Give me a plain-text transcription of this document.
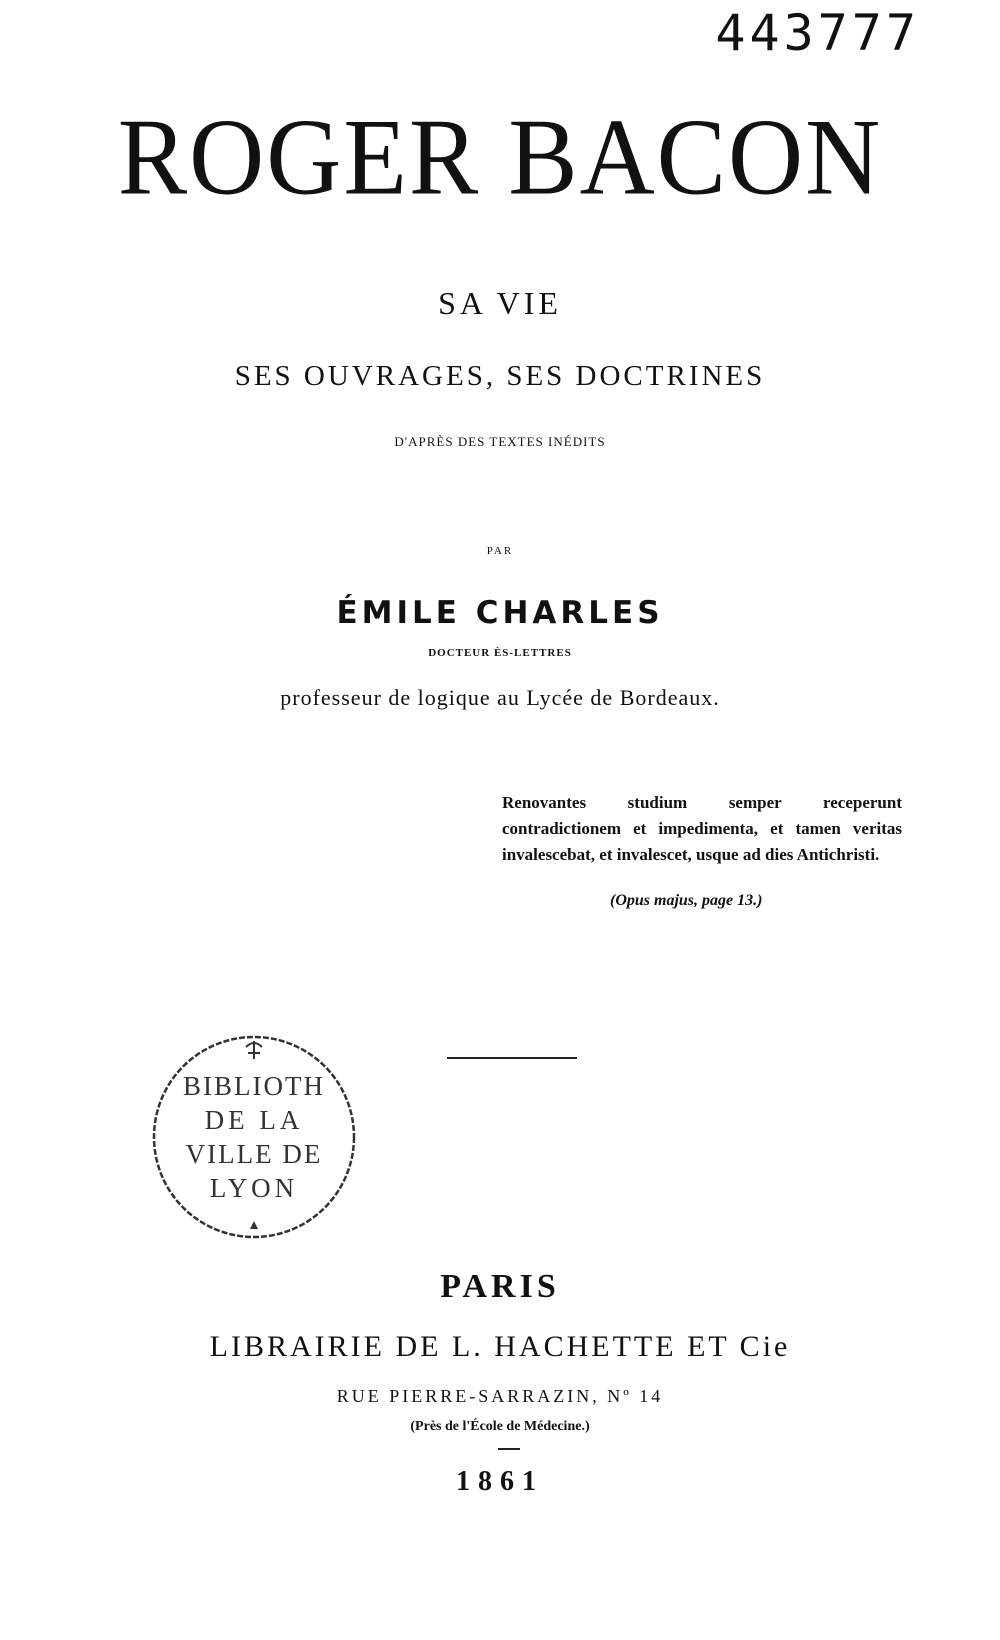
443777
ROGER BACON
SA VIE
SES OUVRAGES, SES DOCTRINES
D'APRÈS DES TEXTES INÉDITS
PAR
ÉMILE CHARLES
DOCTEUR ÈS-LETTRES
professeur de logique au Lycée de Bordeaux.
Renovantes studium semper receperunt contradictionem et impedimenta, et tamen veritas invalescebat, et invalescet, usque ad dies Antichristi.
(Opus majus, page 13.)
BIBLIOTH
DE LA
VILLE DE
LYON
PARIS
LIBRAIRIE DE L. HACHETTE ET Cie
RUE PIERRE-SARRAZIN, Nº 14
(Près de l'École de Médecine.)
1861
